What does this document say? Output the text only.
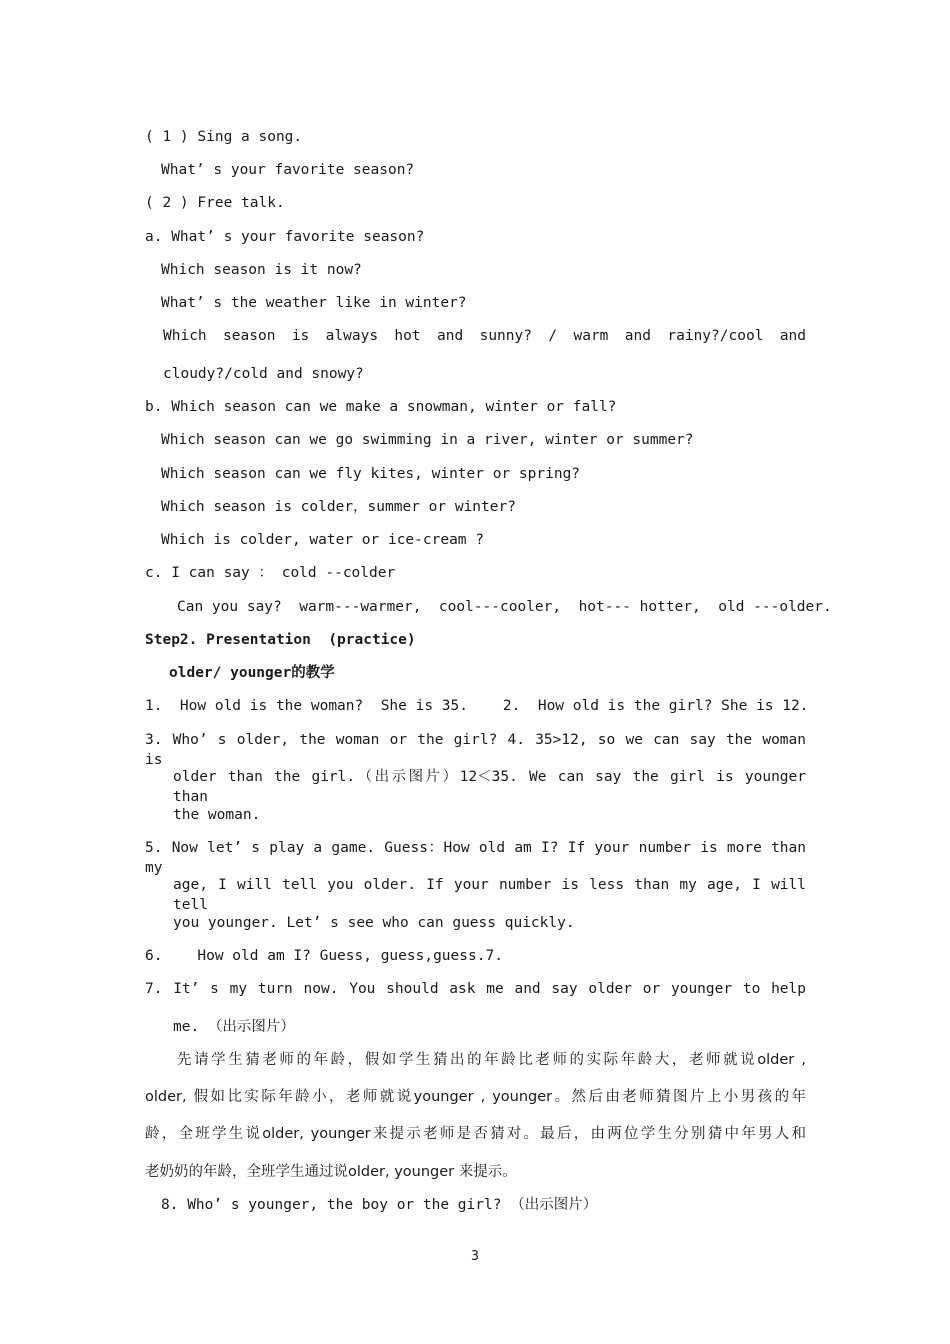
( 1 ) Sing a song.
What’ s your favorite season?
( 2 ) Free talk.
a. What’ s your favorite season?
Which season is it now?
What’ s the weather like in winter?
Which season is always hot and sunny? / warm and rainy?/cool and
cloudy?/cold and snowy?
b. Which season can we make a snowman, winter or fall?
Which season can we go swimming in a river, winter or summer?
Which season can we fly kites, winter or spring?
Which season is colder，summer or winter?
Which is colder, water or ice-cream ?
c. I can say ： cold --colder
Can you say?  warm---warmer,  cool---cooler,  hot--- hotter,  old ---older.
Step2. Presentation  (practice)
older/ younger的教学
1.  How old is the woman?  She is 35.    2.  How old is the girl? She is 12.
3. Who’ s older, the woman or the girl? 4. 35>12, so we can say the woman is
older than the girl.（出示图片）12＜35. We can say the girl is younger than
the woman.
5. Now let’ s play a game. Guess：How old am I? If your number is more than my
age, I will tell you older. If your number is less than my age, I will tell
you younger. Let’ s see who can guess quickly.
6.    How old am I? Guess, guess,guess.7.
7. It’ s my turn now. You should ask me and say older or younger to help
me. （出示图片）
先请学生猜老师的年龄，假如学生猜出的年龄比老师的实际年龄大，老师就说older ,
older, 假如比实际年龄小，老师就说younger , younger。然后由老师猜图片上小男孩的年
龄，全班学生说older, younger来提示老师是否猜对。最后，由两位学生分别猜中年男人和
老奶奶的年龄，全班学生通过说older, younger 来提示。
8. Who’ s younger, the boy or the girl? （出示图片）
3
